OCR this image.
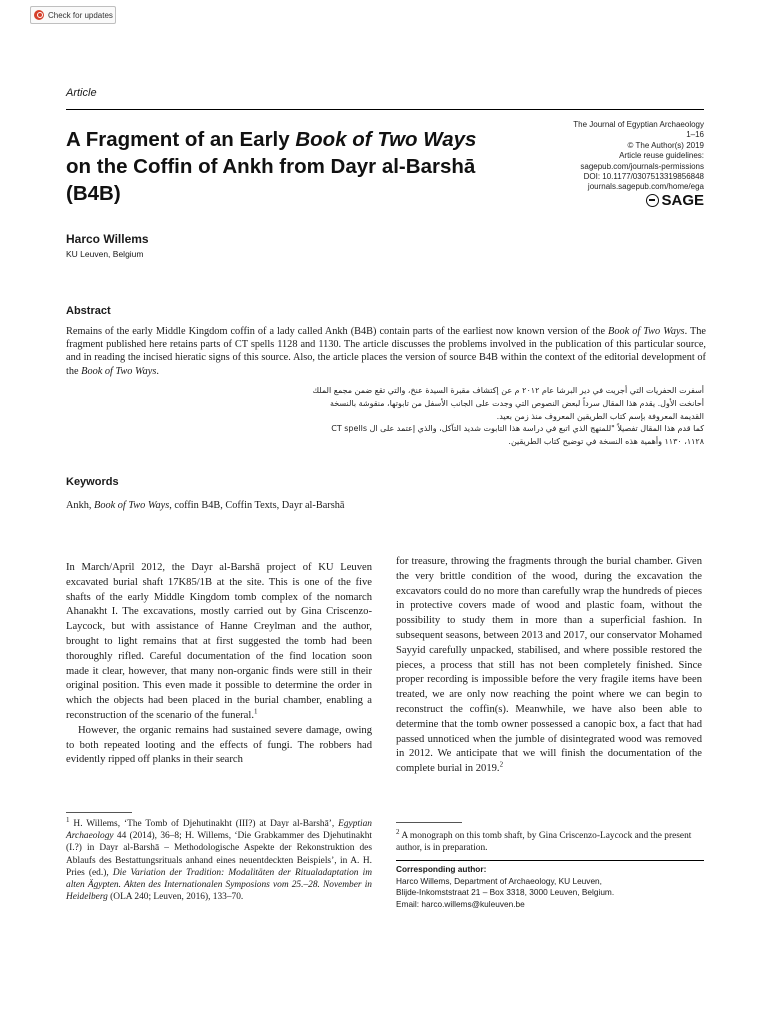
Check for updates
Article
A Fragment of an Early Book of Two Ways on the Coffin of Ankh from Dayr al-Barshā (B4B)
The Journal of Egyptian Archaeology
1–16
© The Author(s) 2019
Article reuse guidelines:
sagepub.com/journals-permissions
DOI: 10.1177/0307513319856848
journals.sagepub.com/home/ega
SAGE
Harco Willems
KU Leuven, Belgium
Abstract
Remains of the early Middle Kingdom coffin of a lady called Ankh (B4B) contain parts of the earliest now known version of the Book of Two Ways. The fragment published here retains parts of CT spells 1128 and 1130. The article discusses the problems involved in the publication of this particular source, and in reading the incised hieratic signs of this source. Also, the article places the version of source B4B within the context of the editorial development of the Book of Two Ways.
أسفرت الحفريات التي أجريت في دير البرشا عام ٢٠١٢ م عن إكتشاف مقبرة السيدة عنخ، والتي تقع ضمن مجمع الملك
أحانخت الأول. يقدم هذا المقال سرداً لبعض النصوص التي وجدت على الجانب الأسفل من تابوتها، منقوشة بالنسخة
القديمة المعروفة بإسم كتاب الطريقين المعروف منذ زمن بعيد.
كما قدم هذا المقال تفصيلاً "للمنهج الذي اتبع في دراسة هذا التابوت شديد التآكل، والذي إعتمد على ال CT spells
١١٢٨، ١١٣٠ وأهمية هذه النسخة في توضيح كتاب الطريقين.
Keywords
Ankh, Book of Two Ways, coffin B4B, Coffin Texts, Dayr al-Barshā

In March/April 2012, the Dayr al-Barshā project of KU Leuven excavated burial shaft 17K85/1B at the site. This is one of the five shafts of the early Middle Kingdom tomb complex of the nomarch Ahanakht I. The excavations, mostly carried out by Gina Criscenzo-Laycock, but with assistance of Hanne Creylman and the author, brought to light remains that at first suggested the tomb had been thoroughly rifled. Careful documentation of the find location soon made it clear, however, that many non-organic finds were still in their original position. This even made it possible to determine the order in which the objects had been placed in the burial chamber, enabling a reconstruction of the scenario of the funeral.$^1$

However, the organic remains had sustained severe damage, owing to both repeated looting and the effects of fungi. The robbers had evidently ripped off planks in their search

for treasure, throwing the fragments through the burial chamber. Given the very brittle condition of the wood, during the excavation the excavators could do no more than carefully wrap the hundreds of pieces in protective covers made of wood and plastic foam, without the possibility to study them in more than a superficial fashion. In subsequent seasons, between 2013 and 2017, our conservator Mohamed Sayyid carefully unpacked, stabilised, and where possible restored the pieces, a process that still has not been completely finished. Since proper recording is impossible before the very fragile items have been treated, we are only now reaching the point where we can begin to reconstruct the coffin(s). Meanwhile, we have also been able to determine that the tomb owner possessed a canopic box, a fact that had passed unnoticed when the jumble of disintegrated wood was removed in 2012. We anticipate that we will finish the documentation of the complete burial in 2019.$^2$

$^1$ H. Willems, ‘The Tomb of Djehutinakht (III?) at Dayr al-Barshā’, Egyptian Archaeology 44 (2014), 36–8; H. Willems, ‘Die Grabkammer des Djehutinakht (I.?) in Dayr al-Barshā – Methodologische Aspekte der Rekonstruktion des Ablaufs des Bestattungsrituals anhand eines neuentdeckten Beispiels’, in A. H. Pries (ed.), Die Variation der Tradition: Modalitäten der Ritualadaptation im alten Ägypten. Akten des Internationalen Symposions vom 25.–28. November in Heidelberg (OLA 240; Leuven, 2016), 133–70.
$^2$ A monograph on this tomb shaft, by Gina Criscenzo-Laycock and the present author, is in preparation.
Corresponding author:
Harco Willems, Department of Archaeology, KU Leuven,
Blijde-Inkomststraat 21 – Box 3318, 3000 Leuven, Belgium.
Email: harco.willems@kuleuven.be
